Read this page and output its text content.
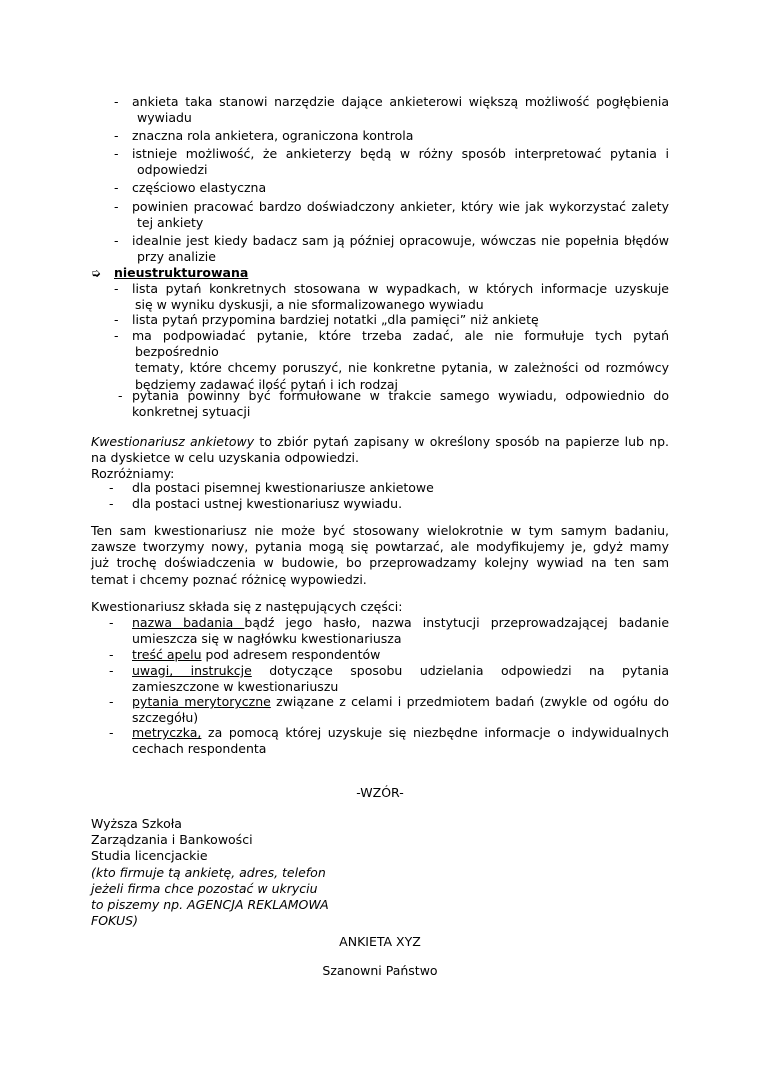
- ankieta taka stanowi narzędzie dające ankieterowi większą możliwość pogłębienia
wywiadu
- znaczna rola ankietera, ograniczona kontrola
- istnieje możliwość, że ankieterzy będą w różny sposób interpretować pytania i
odpowiedzi
- częściowo elastyczna
- powinien pracować bardzo doświadczony ankieter, który wie jak wykorzystać zalety
tej ankiety
- idealnie jest kiedy badacz sam ją później opracowuje, wówczas nie popełnia błędów
przy analizie
➭ nieustrukturowana
- lista pytań konkretnych stosowana w wypadkach, w których informacje uzyskuje
się w wyniku dyskusji, a nie sformalizowanego wywiadu
- lista pytań przypomina bardziej notatki „dla pamięci” niż ankietę
- ma podpowiadać pytanie, które trzeba zadać, ale nie formułuje tych pytań
bezpośrednio
tematy, które chcemy poruszyć, nie konkretne pytania, w zależności od rozmówcy
będziemy zadawać ilość pytań i ich rodzaj
- pytania powinny być formułowane w trakcie samego wywiadu, odpowiednio do
konkretnej sytuacji
Kwestionariusz ankietowy to zbiór pytań zapisany w określony sposób na papierze lub np.
na dyskietce w celu uzyskania odpowiedzi.
Rozróżniamy:
- dla postaci pisemnej kwestionariusze ankietowe
- dla postaci ustnej kwestionariusz wywiadu.
Ten sam kwestionariusz nie może być stosowany wielokrotnie w tym samym badaniu,
zawsze tworzymy nowy, pytania mogą się powtarzać, ale modyfikujemy je, gdyż mamy
już trochę doświadczenia w budowie, bo przeprowadzamy kolejny wywiad na ten sam
temat i chcemy poznać różnicę wypowiedzi.
Kwestionariusz składa się z następujących części:
- nazwa badania bądź jego hasło, nazwa instytucji przeprowadzającej badanie
umieszcza się w nagłówku kwestionariusza
- treść apelu pod adresem respondentów
- uwagi, instrukcje dotyczące sposobu udzielania odpowiedzi na pytania
zamieszczone w kwestionariuszu
- pytania merytoryczne związane z celami i przedmiotem badań (zwykle od ogółu do
szczegółu)
- metryczka, za pomocą której uzyskuje się niezbędne informacje o indywidualnych
cechach respondenta
-WZÓR-
Wyższa Szkoła
Zarządzania i Bankowości
Studia licencjackie
(kto firmuje tą ankietę, adres, telefon
jeżeli firma chce pozostać w ukryciu
to piszemy np. AGENCJA REKLAMOWA
FOKUS)
ANKIETA XYZ
Szanowni Państwo
